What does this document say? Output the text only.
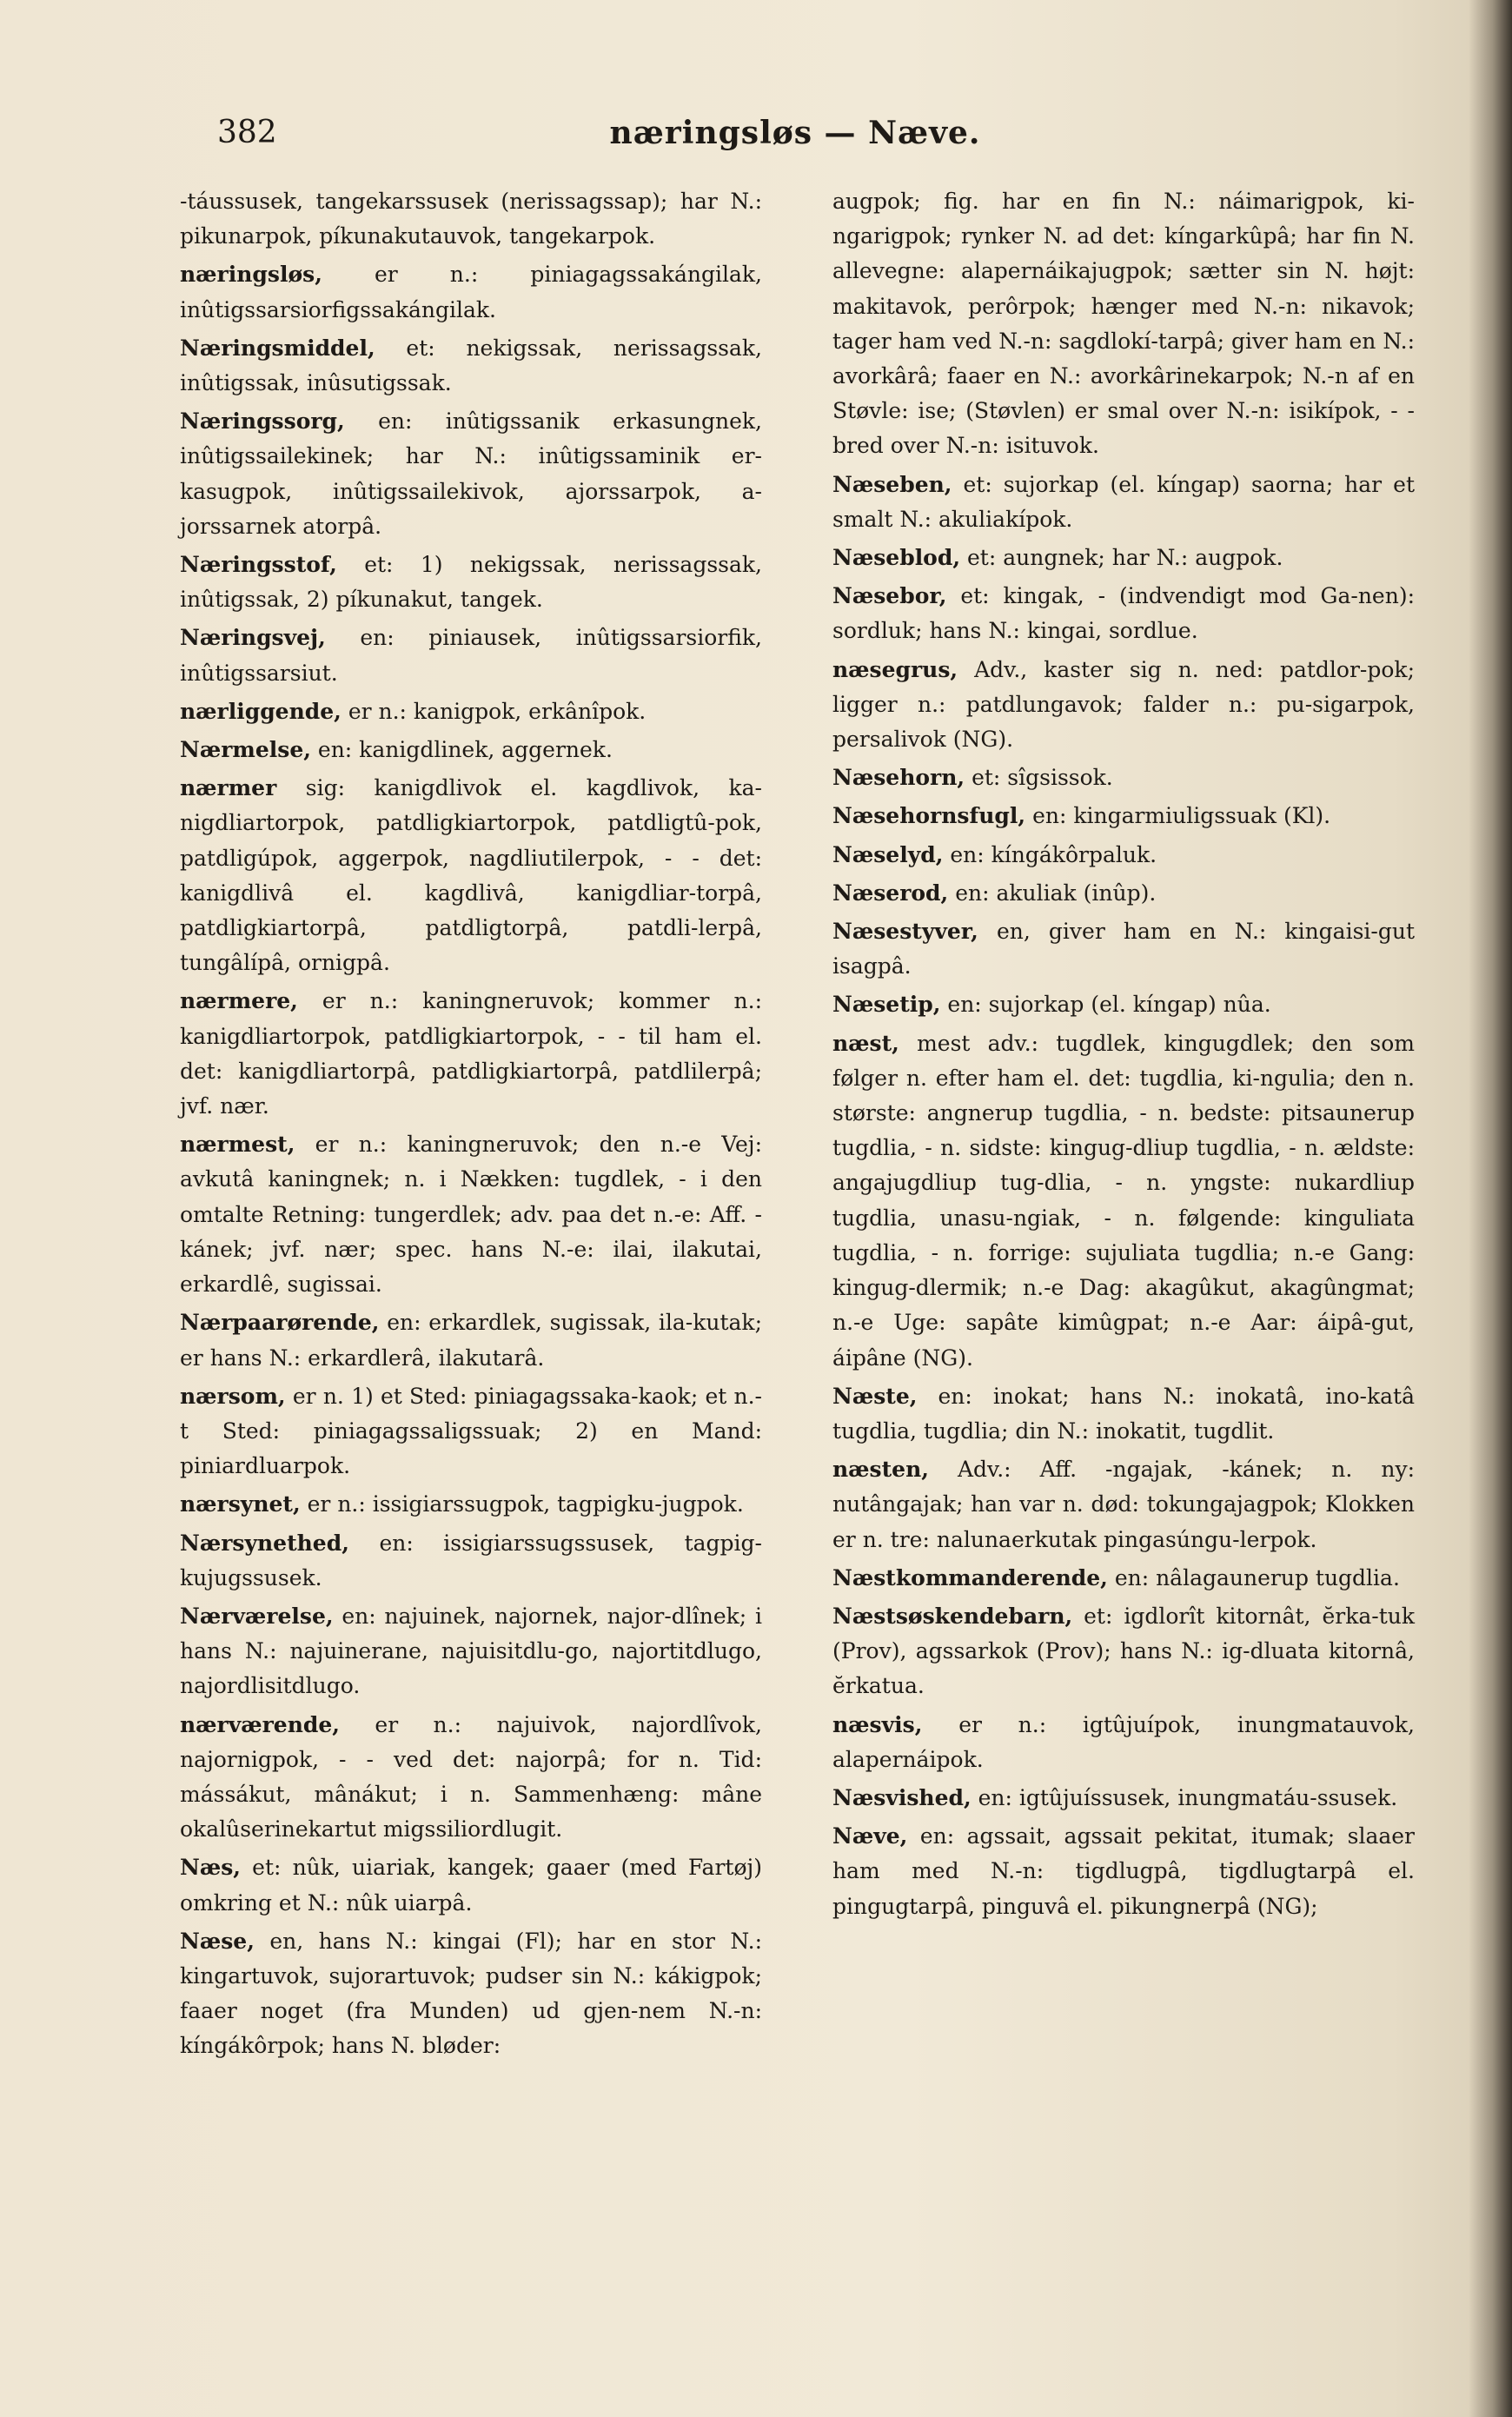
382	næringsløs — Næve.

-táussusek, tangekarssusek (nerissagssap); har N.: pikunarpok, píkunakutauvok, tangekarpok.

næringsløs, er n.: piniagagssakángilak, inûtigssarsiorfigssakángilak.

Næringsmiddel, et: nekigssak, nerissagssak, inûtigssak, inûsutigssak.

Næringssorg, en: inûtigssanik erkasungnek, inûtigssailekinek; har N.: inûtigssaminik er-kasugpok, inûtigssailekivok, ajorssarpok, a-jorssarnek atorpâ.

Næringsstof, et: 1) nekigssak, nerissagssak, inûtigssak, 2) píkunakut, tangek.

Næringsvej, en: piniausek, inûtigssarsiorfik, inûtigssarsiut.

nærliggende, er n.: kanigpok, erkânîpok.

Nærmelse, en: kanigdlinek, aggernek.

nærmer sig: kanigdlivok el. kagdlivok, ka-nigdliartorpok, patdligkiartorpok, patdligtû-pok, patdligúpok, aggerpok, nagdliutilerpok, - - det: kanigdlivâ el. kagdlivâ, kanigdliar-torpâ, patdligkiartorpâ, patdligtorpâ, patdli-lerpâ, tungâlípâ, ornigpâ.

nærmere, er n.: kaningneruvok; kommer n.: kanigdliartorpok, patdligkiartorpok, - - til ham el. det: kanigdliartorpâ, patdligkiartorpâ, patdlilerpâ; jvf. nær.

nærmest, er n.: kaningneruvok; den n.-e Vej: avkutâ kaningnek; n. i Nækken: tugdlek, - i den omtalte Retning: tungerdlek; adv. paa det n.-e: Aff. -kánek; jvf. nær; spec. hans N.-e: ilai, ilakutai, erkardlê, sugissai.

Nærpaarørende, en: erkardlek, sugissak, ila-kutak; er hans N.: erkardlerâ, ilakutarâ.

nærsom, er n. 1) et Sted: piniagagssaka-kaok; et n.-t Sted: piniagagssaligssuak; 2) en Mand: piniardluarpok.

nærsynet, er n.: issigiarssugpok, tagpigku-jugpok.

Nærsynethed, en: issigiarssugssusek, tagpig-kujugssusek.

Nærværelse, en: najuinek, najornek, najor-dlînek; i hans N.: najuinerane, najuisitdlu-go, najortitdlugo, najordlisitdlugo.

nærværende, er n.: najuivok, najordlîvok, najornigpok, - - ved det: najorpâ; for n. Tid: mássákut, mânákut; i n. Sammenhæng: mâne okalûserinekartut migssiliordlugit.

Næs, et: nûk, uiariak, kangek; gaaer (med Fartøj) omkring et N.: nûk uiarpâ.

Næse, en, hans N.: kingai (Fl); har en stor N.: kingartuvok, sujorartuvok; pudser sin N.: kákigpok; faaer noget (fra Munden) ud gjen-nem N.-n: kíngákôrpok; hans N. bløder:

augpok; fig. har en fin N.: náimarigpok, ki-ngarigpok; rynker N. ad det: kíngarkûpâ; har fin N. allevegne: alapernáikajugpok; sætter sin N. højt: makitavok, perôrpok; hænger med N.-n: nikavok; tager ham ved N.-n: sagdlokí-tarpâ; giver ham en N.: avorkârâ; faaer en N.: avorkârinekarpok; N.-n af en Støvle: ise; (Støvlen) er smal over N.-n: isikípok, - - bred over N.-n: isituvok.

Næseben, et: sujorkap (el. kíngap) saorna; har et smalt N.: akuliakípok.

Næseblod, et: aungnek; har N.: augpok.

Næsebor, et: kingak, - (indvendigt mod Ga-nen): sordluk; hans N.: kingai, sordlue.

næsegrus, Adv., kaster sig n. ned: patdlor-pok; ligger n.: patdlungavok; falder n.: pu-sigarpok, persalivok (NG).

Næsehorn, et: sîgsissok.

Næsehornsfugl, en: kingarmiuligssuak (Kl).

Næselyd, en: kíngákôrpaluk.

Næserod, en: akuliak (inûp).

Næsestyver, en, giver ham en N.: kingaisi-gut isagpâ.

Næsetip, en: sujorkap (el. kíngap) nûa.

næst, mest adv.: tugdlek, kingugdlek; den som følger n. efter ham el. det: tugdlia, ki-ngulia; den n. største: angnerup tugdlia, - n. bedste: pitsaunerup tugdlia, - n. sidste: kingug-dliup tugdlia, - n. ældste: angajugdliup tug-dlia, - n. yngste: nukardliup tugdlia, unasu-ngiak, - n. følgende: kinguliata tugdlia, - n. forrige: sujuliata tugdlia; n.-e Gang: kingug-dlermik; n.-e Dag: akagûkut, akagûngmat; n.-e Uge: sapâte kimûgpat; n.-e Aar: áipâ-gut, áipâne (NG).

Næste, en: inokat; hans N.: inokatâ, ino-katâ tugdlia, tugdlia; din N.: inokatit, tugdlit.

næsten, Adv.: Aff. -ngajak, -kánek; n. ny: nutângajak; han var n. død: tokungajagpok; Klokken er n. tre: nalunaerkutak pingasúngu-lerpok.

Næstkommanderende, en: nâlagaunerup tugdlia.

Næstsøskendebarn, et: igdlorît kitornât, ĕrka-tuk (Prov), agssarkok (Prov); hans N.: ig-dluata kitornâ, ĕrkatua.

næsvis, er n.: igtûjuípok, inungmatauvok, alapernáipok.

Næsvished, en: igtûjuíssusek, inungmatáu-ssusek.

Næve, en: agssait, agssait pekitat, itumak; slaaer ham med N.-n: tigdlugpâ, tigdlugtarpâ el. pingugtarpâ, pinguvâ el. pikungnerpâ (NG);
